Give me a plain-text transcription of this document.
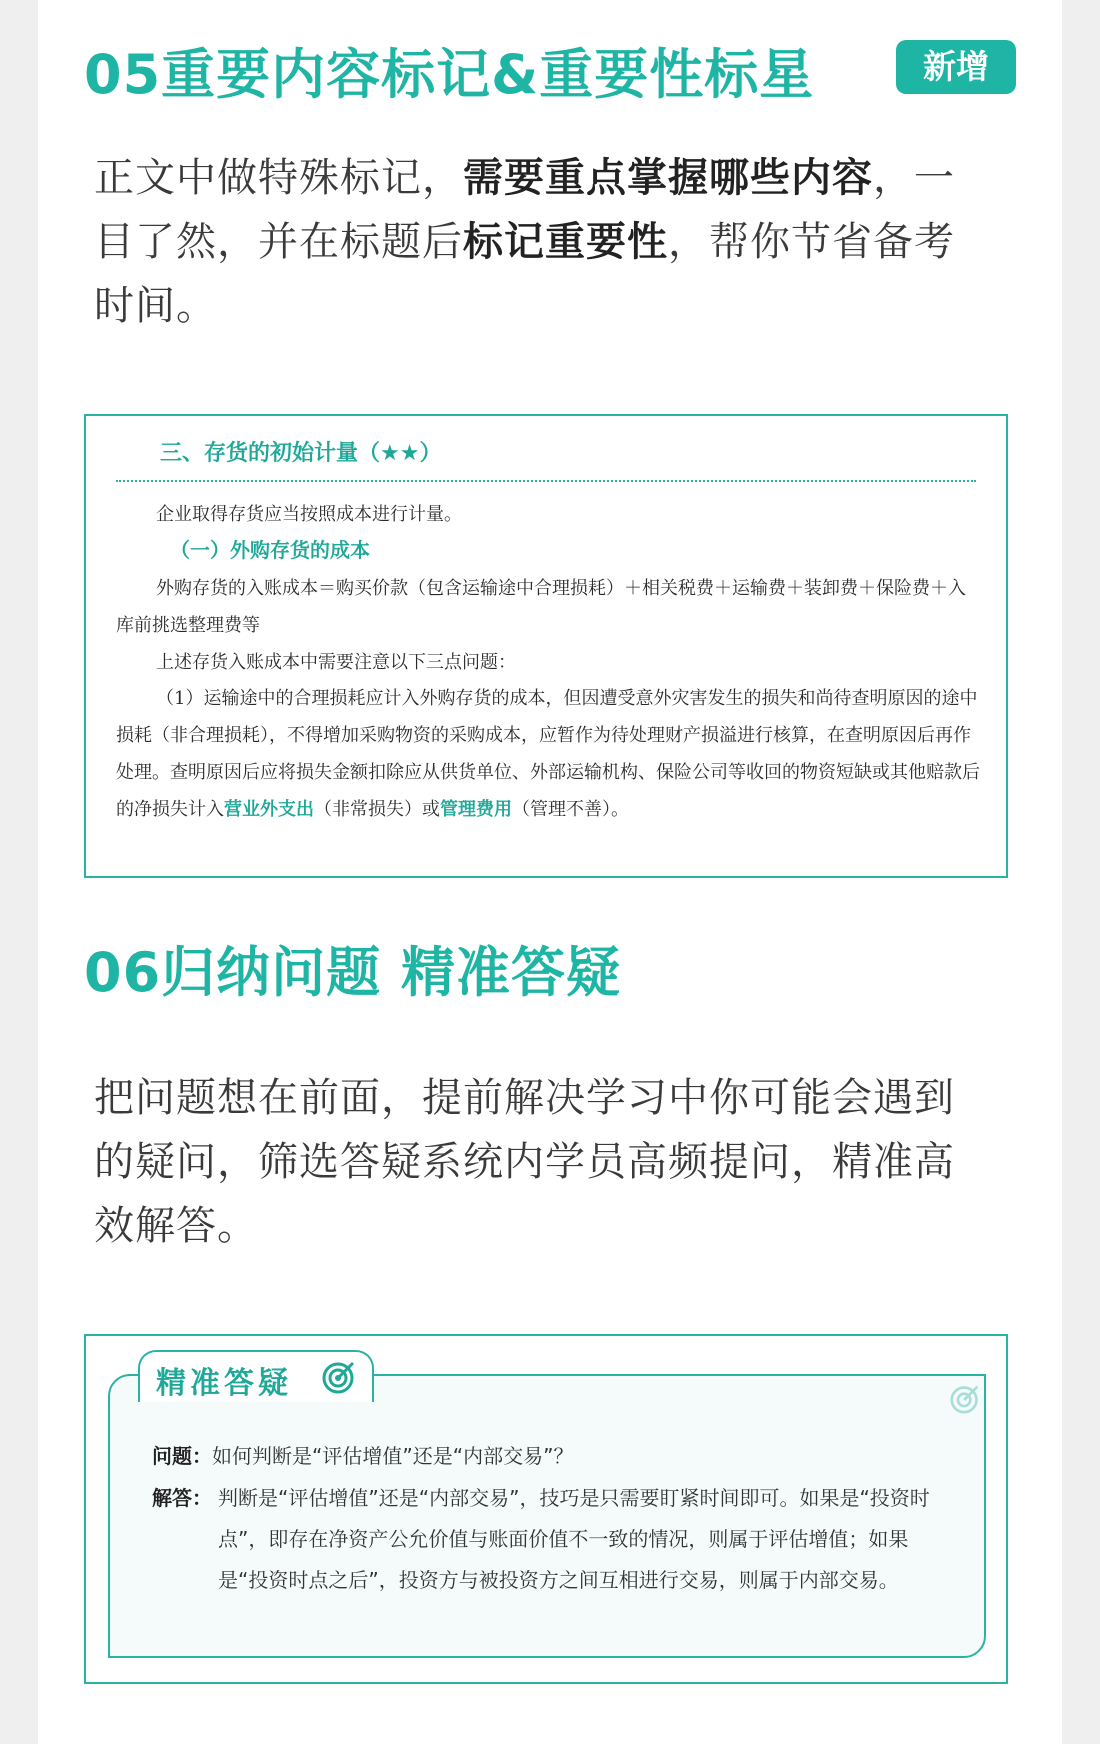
05重要内容标记&重要性标星	新增
正文中做特殊标记，需要重点掌握哪些内容，一目了然，并在标题后标记重要性，帮你节省备考时间。
三、存货的初始计量（★★）
企业取得存货应当按照成本进行计量。
（一）外购存货的成本
外购存货的入账成本＝购买价款（包含运输途中合理损耗）＋相关税费＋运输费＋装卸费＋保险费＋入库前挑选整理费等
上述存货入账成本中需要注意以下三点问题：
（1）运输途中的合理损耗应计入外购存货的成本，但因遭受意外灾害发生的损失和尚待查明原因的途中损耗（非合理损耗），不得增加采购物资的采购成本，应暂作为待处理财产损溢进行核算，在查明原因后再作处理。查明原因后应将损失金额扣除应从供货单位、外部运输机构、保险公司等收回的物资短缺或其他赔款后的净损失计入营业外支出（非常损失）或管理费用（管理不善）。
06归纳问题 精准答疑
把问题想在前面，提前解决学习中你可能会遇到的疑问，筛选答疑系统内学员高频提问，精准高效解答。
精准答疑
问题：如何判断是“评估增值”还是“内部交易”？
解答： 判断是“评估增值”还是“内部交易”，技巧是只需要盯紧时间即可。如果是“投资时点”，即存在净资产公允价值与账面价值不一致的情况，则属于评估增值；如果是“投资时点之后”，投资方与被投资方之间互相进行交易，则属于内部交易。
